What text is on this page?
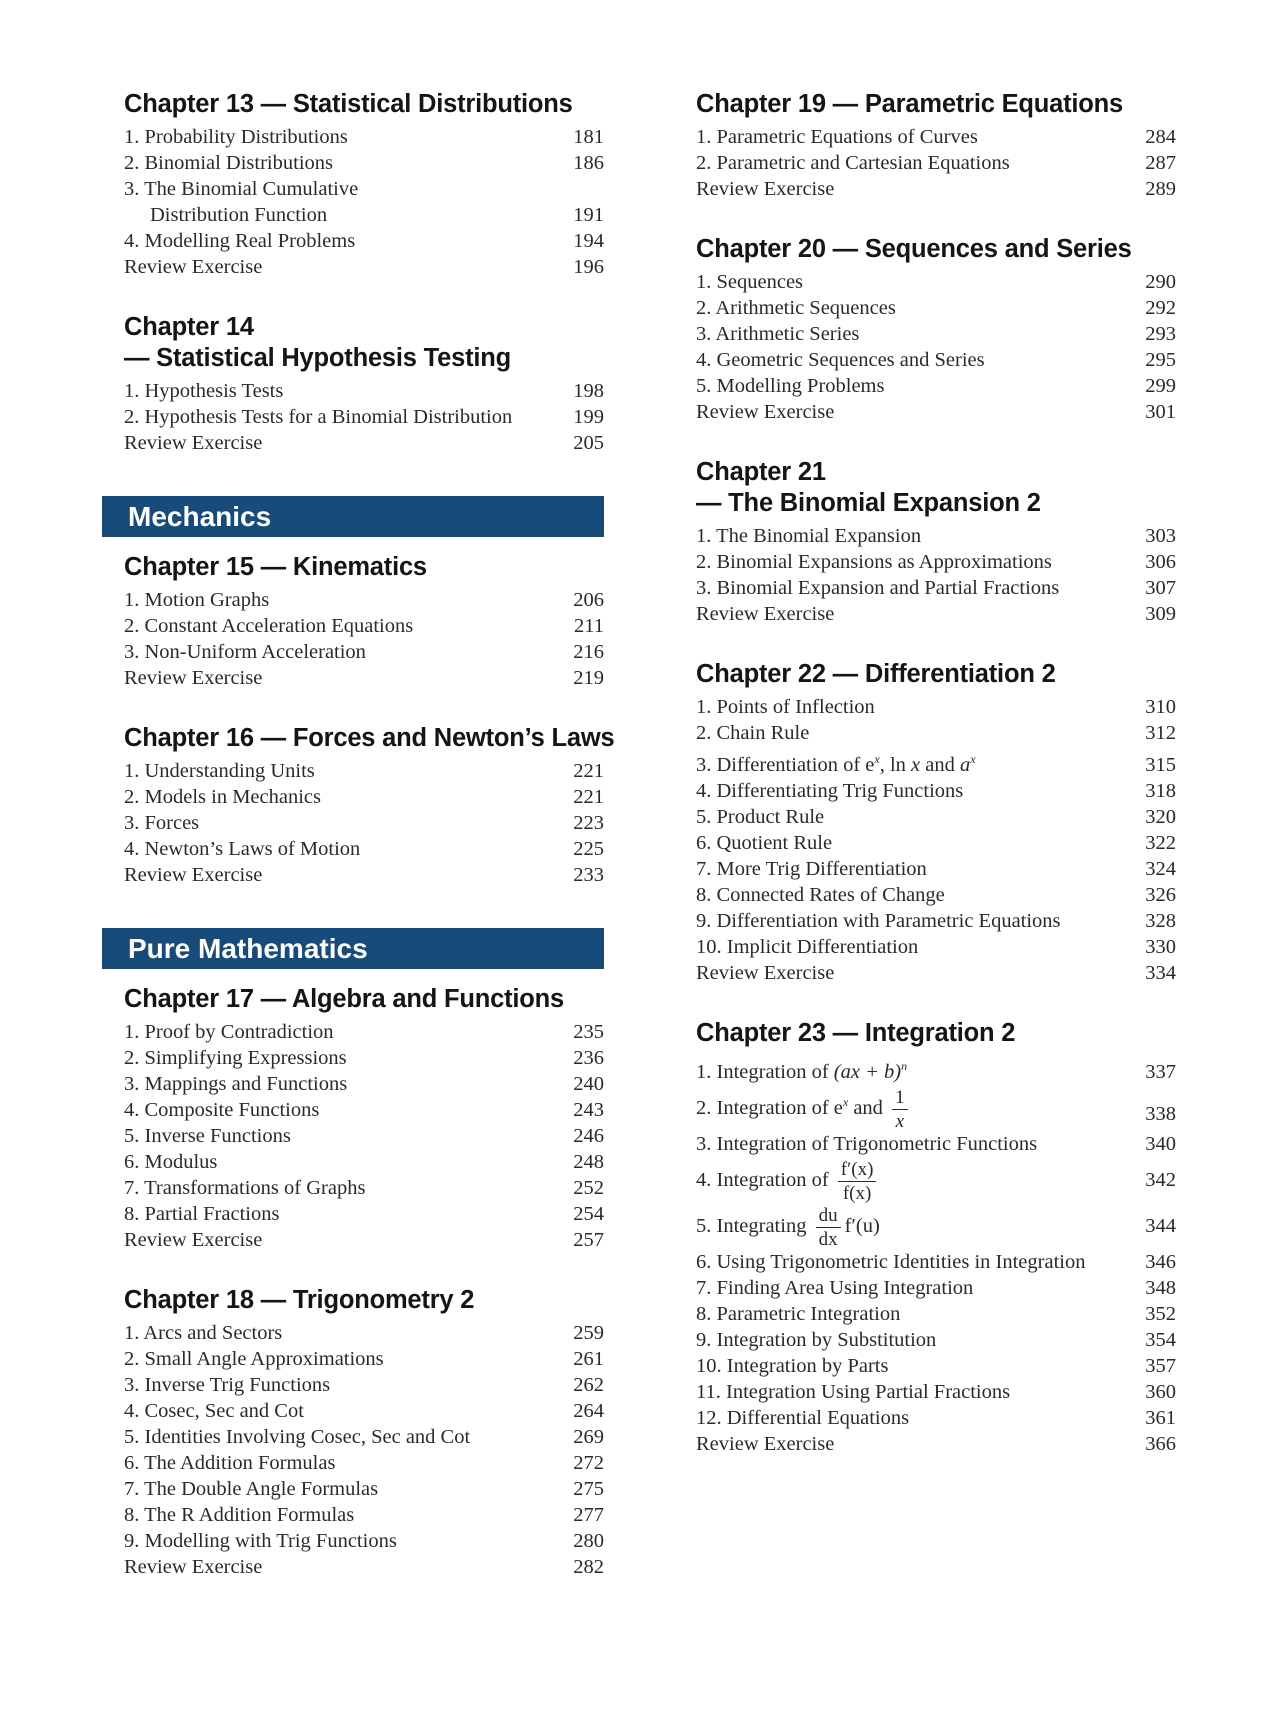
Chapter 13 — Statistical Distributions
1. Probability Distributions	181
2. Binomial Distributions	186
3. The Binomial Cumulative
Distribution Function	191
4. Modelling Real Problems	194
Review Exercise	196
Chapter 14
— Statistical Hypothesis Testing
1. Hypothesis Tests	198
2. Hypothesis Tests for a Binomial Distribution	199
Review Exercise	205
Mechanics
Chapter 15 — Kinematics
1. Motion Graphs	206
2. Constant Acceleration Equations	211
3. Non-Uniform Acceleration	216
Review Exercise	219
Chapter 16 — Forces and Newton’s Laws
1. Understanding Units	221
2. Models in Mechanics	221
3. Forces	223
4. Newton’s Laws of Motion	225
Review Exercise	233
Pure Mathematics
Chapter 17 — Algebra and Functions
1. Proof by Contradiction	235
2. Simplifying Expressions	236
3. Mappings and Functions	240
4. Composite Functions	243
5. Inverse Functions	246
6. Modulus	248
7. Transformations of Graphs	252
8. Partial Fractions	254
Review Exercise	257
Chapter 18 — Trigonometry 2
1. Arcs and Sectors	259
2. Small Angle Approximations	261
3. Inverse Trig Functions	262
4. Cosec, Sec and Cot	264
5. Identities Involving Cosec, Sec and Cot	269
6. The Addition Formulas	272
7. The Double Angle Formulas	275
8. The R Addition Formulas	277
9. Modelling with Trig Functions	280
Review Exercise	282
Chapter 19 — Parametric Equations
1. Parametric Equations of Curves	284
2. Parametric and Cartesian Equations	287
Review Exercise	289
Chapter 20 — Sequences and Series
1. Sequences	290
2. Arithmetic Sequences	292
3. Arithmetic Series	293
4. Geometric Sequences and Series	295
5. Modelling Problems	299
Review Exercise	301
Chapter 21
— The Binomial Expansion 2
1. The Binomial Expansion	303
2. Binomial Expansions as Approximations	306
3. Binomial Expansion and Partial Fractions	307
Review Exercise	309
Chapter 22 — Differentiation 2
1. Points of Inflection	310
2. Chain Rule	312
3. Differentiation of $e^x$, ln x and $a^x$	315
4. Differentiating Trig Functions	318
5. Product Rule	320
6. Quotient Rule	322
7. More Trig Differentiation	324
8. Connected Rates of Change	326
9. Differentiation with Parametric Equations	328
10. Implicit Differentiation	330
Review Exercise	334
Chapter 23 — Integration 2
1. Integration of (ax + b)$^n$	337
2. Integration of $e^x$ and $\frac{1}{x}$	338
3. Integration of Trigonometric Functions	340
4. Integration of $\frac{f'(x)}{f(x)}$	342
5. Integrating $\frac{du}{dx} f'(u)$	344
6. Using Trigonometric Identities in Integration	346
7. Finding Area Using Integration	348
8. Parametric Integration	352
9. Integration by Substitution	354
10. Integration by Parts	357
11. Integration Using Partial Fractions	360
12. Differential Equations	361
Review Exercise	366
